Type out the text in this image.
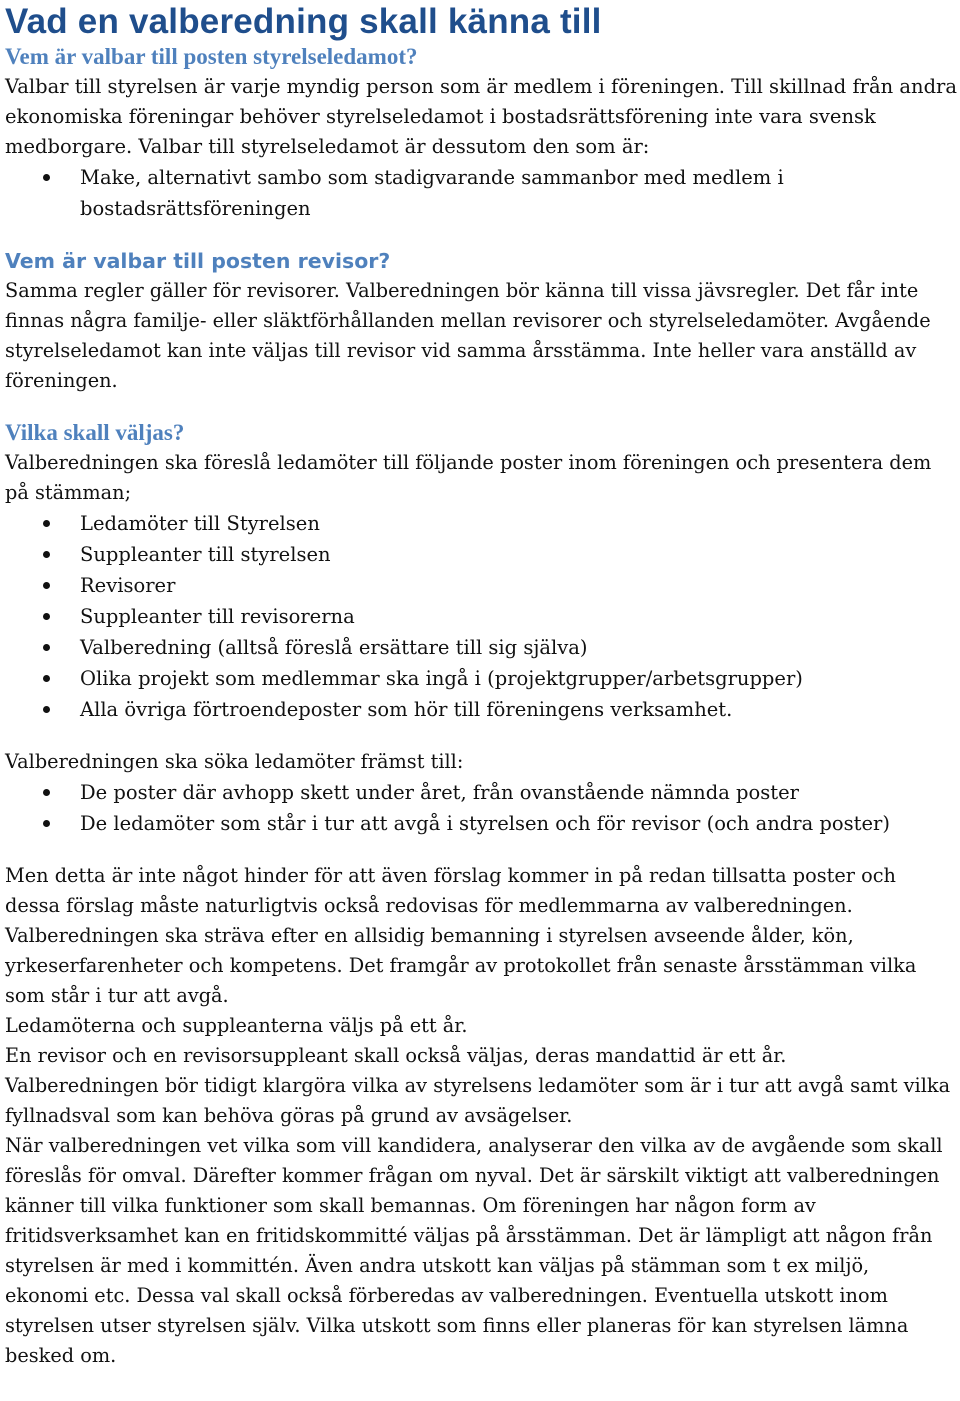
Vad en valberedning skall känna till
Vem är valbar till posten styrelseledamot?

Valbar till styrelsen är varje myndig person som är medlem i föreningen. Till skillnad från andra ekonomiska föreningar behöver styrelseledamot i bostadsrättsförening inte vara svensk medborgare. Valbar till styrelseledamot är dessutom den som är:

Make, alternativt sambo som stadigvarande sammanbor med medlem i bostadsrättsföreningen
Vem är valbar till posten revisor?

Samma regler gäller för revisorer. Valberedningen bör känna till vissa jävsregler. Det får inte finnas några familje- eller släktförhållanden mellan revisorer och styrelseledamöter. Avgående styrelseledamot kan inte väljas till revisor vid samma årsstämma. Inte heller vara anställd av föreningen.

Vilka skall väljas?

Valberedningen ska föreslå ledamöter till följande poster inom föreningen och presentera dem på stämman;

Ledamöter till Styrelsen
Suppleanter till styrelsen
Revisorer
Suppleanter till revisorerna
Valberedning (alltså föreslå ersättare till sig själva)
Olika projekt som medlemmar ska ingå i (projektgrupper/arbetsgrupper)
Alla övriga förtroendeposter som hör till föreningens verksamhet.

Valberedningen ska söka ledamöter främst till:

De poster där avhopp skett under året, från ovanstående nämnda poster
De ledamöter som står i tur att avgå i styrelsen och för revisor (och andra poster)

Men detta är inte något hinder för att även förslag kommer in på redan tillsatta poster och dessa förslag måste naturligtvis också redovisas för medlemmarna av valberedningen. Valberedningen ska sträva efter en allsidig bemanning i styrelsen avseende ålder, kön, yrkeserfarenheter och kompetens. Det framgår av protokollet från senaste årsstämman vilka som står i tur att avgå.

Ledamöterna och suppleanterna väljs på ett år.

En revisor och en revisorsuppleant skall också väljas, deras mandattid är ett år.

Valberedningen bör tidigt klargöra vilka av styrelsens ledamöter som är i tur att avgå samt vilka fyllnadsval som kan behöva göras på grund av avsägelser.

När valberedningen vet vilka som vill kandidera, analyserar den vilka av de avgående som skall föreslås för omval. Därefter kommer frågan om nyval. Det är särskilt viktigt att valberedningen känner till vilka funktioner som skall bemannas. Om föreningen har någon form av fritidsverksamhet kan en fritidskommitté väljas på årsstämman. Det är lämpligt att någon från styrelsen är med i kommittén. Även andra utskott kan väljas på stämman som t ex miljö, ekonomi etc. Dessa val skall också förberedas av valberedningen. Eventuella utskott inom styrelsen utser styrelsen själv. Vilka utskott som finns eller planeras för kan styrelsen lämna besked om.
